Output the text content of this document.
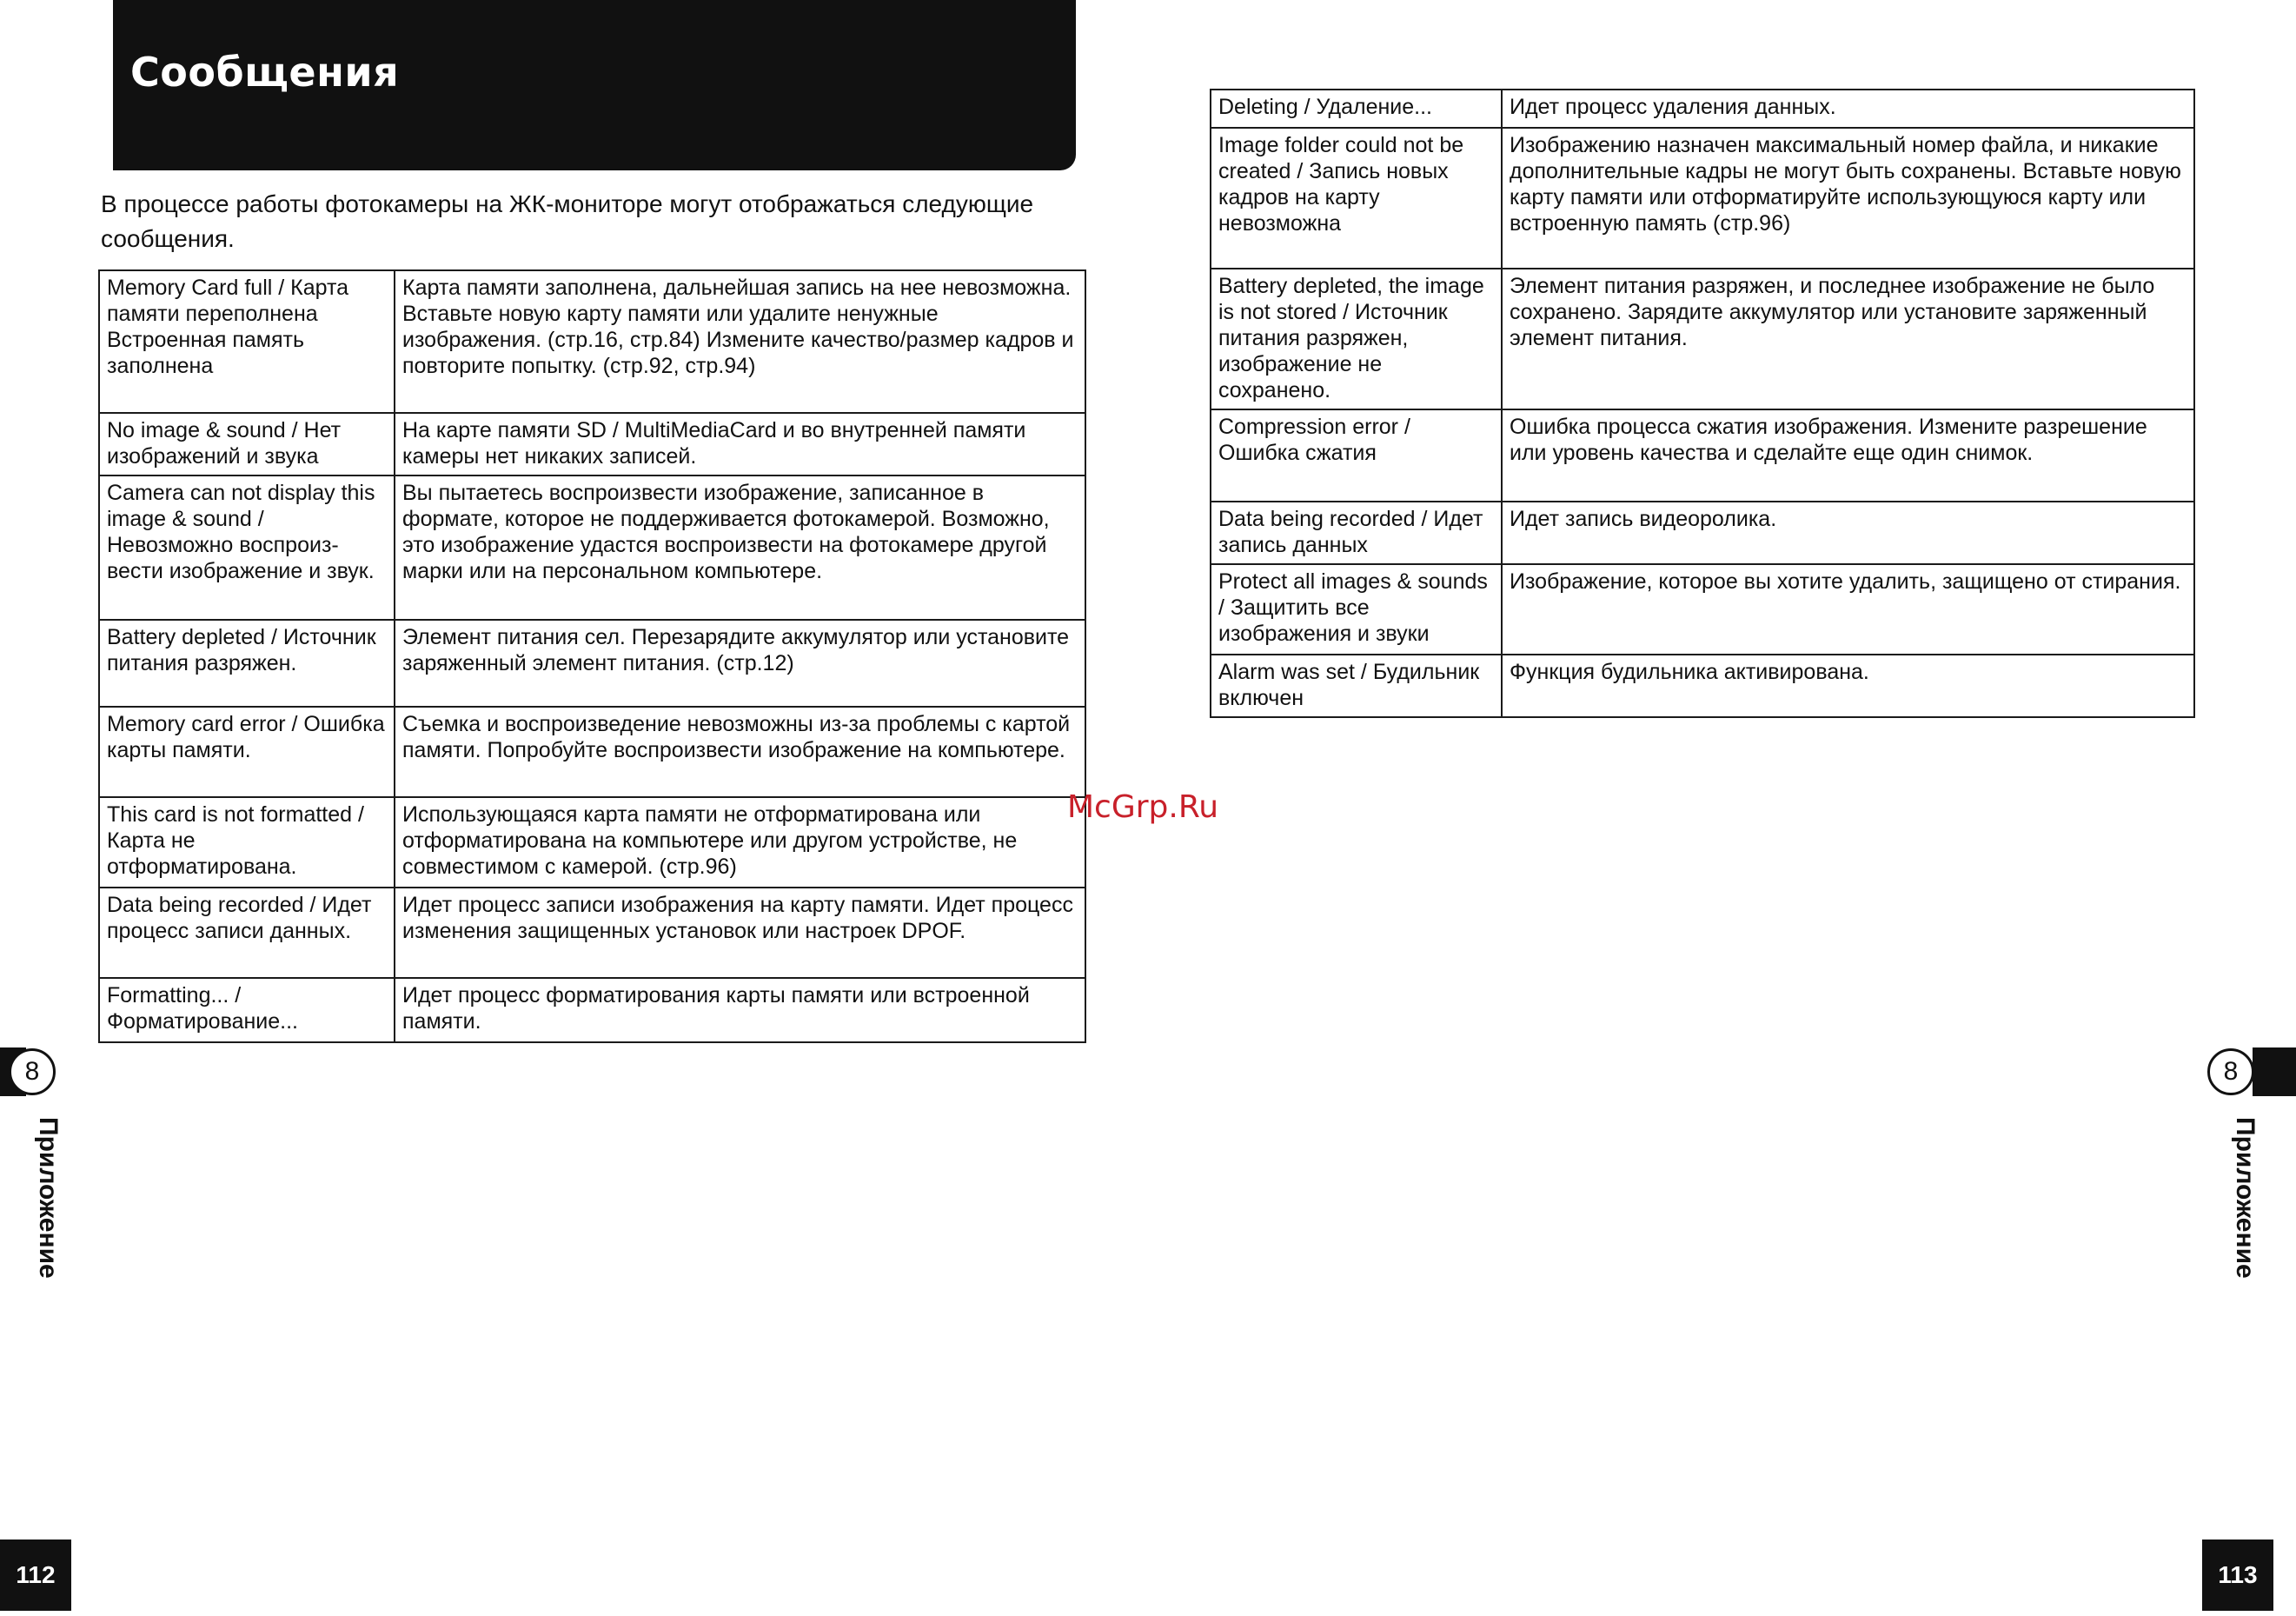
Сообщения
В процессе работы фотокамеры на ЖК-мониторе могут отображаться следующие сообщения.
Memory Card full / Карта памяти переполнена Встроенная память заполнена	Карта памяти заполнена, дальнейшая запись на нее невозможна. Вставьте новую карту памяти или удалите ненужные изображения. (стр.16, стр.84) Измените качество/размер кадров и повторите попытку. (стр.92, стр.94)
No image & sound / Нет изображений и звука	На карте памяти SD / MultiMediaCard и во внутренней памяти камеры нет никаких записей.
Camera can not display this image & sound / Невозможно воспроиз-вести изображение и звук.	Вы пытаетесь воспроизвести изображение, записанное в формате, которое не поддерживается фотокамерой. Возможно, это изображение удастся воспроизвести на фотокамере другой марки или на персональном компьютере.
Battery depleted / Источник питания разряжен.	Элемент питания сел. Перезарядите аккумулятор или установите заряженный элемент питания. (стр.12)
Memory card error / Ошибка карты памяти.	Съемка и воспроизведение невозможны из-за проблемы с картой памяти. Попробуйте воспроизвести изображение на компьютере.
This card is not formatted / Карта не отформатирована.	Использующаяся карта памяти не отформатирована или отформатирована на компьютере или другом устройстве, не совместимом с камерой. (стр.96)
Data being recorded / Идет процесс записи данных.	Идет процесс записи изображения на карту памяти. Идет процесс изменения защищенных установок или настроек DPOF.
Formatting... / Форматирование...	Идет процесс форматирования карты памяти или встроенной памяти.
Deleting / Удаление...	Идет процесс удаления данных.
Image folder could not be created / Запись новых кадров на карту невозможна	Изображению назначен максимальный номер файла, и никакие дополнительные кадры не могут быть сохранены. Вставьте новую карту памяти или отформатируйте использующуюся карту или встроенную память (стр.96)
Battery depleted, the image is not stored / Источник питания разряжен, изображение не сохранено.	Элемент питания разряжен, и последнее изображение не было сохранено. Зарядите аккумулятор или установите заряженный элемент питания.
Compression error / Ошибка сжатия	Ошибка процесса сжатия изображения. Измените разрешение или уровень качества и сделайте еще один снимок.
Data being recorded / Идет запись данных	Идет запись видеоролика.
Protect all images & sounds / Защитить все изображения и звуки	Изображение, которое вы хотите удалить, защищено от стирания.
Alarm was set / Будильник включен	Функция будильника активирована.
McGrp.Ru
8
Приложение
8
Приложение
112	113
